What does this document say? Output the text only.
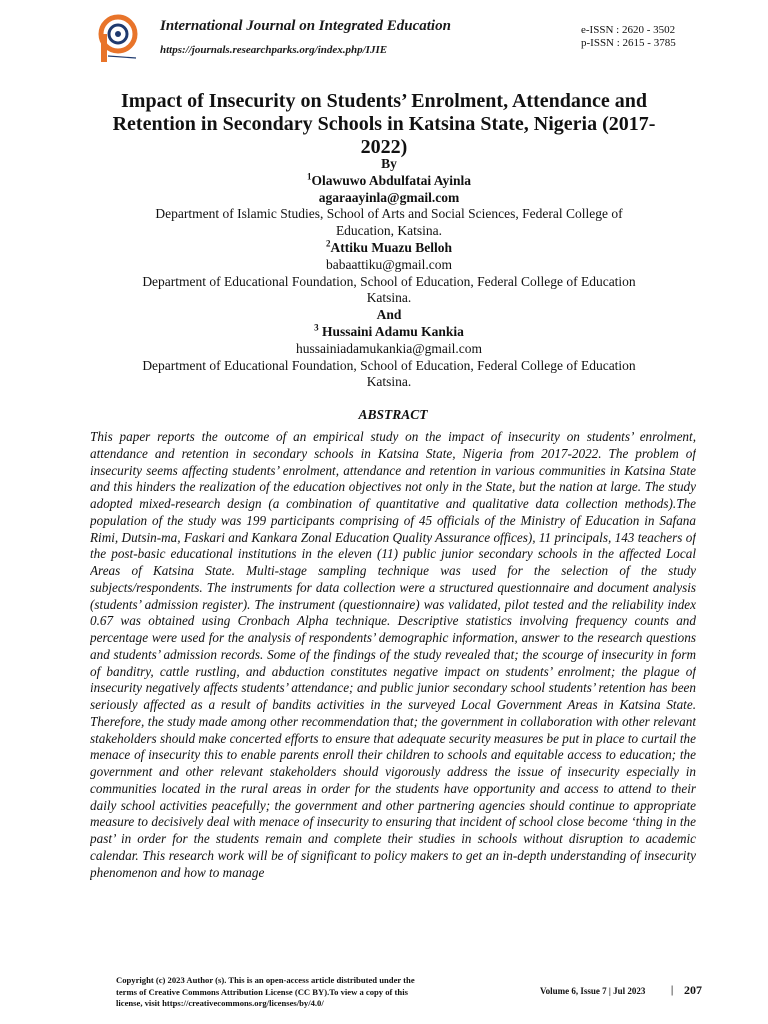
International Journal on Integrated Education
https://journals.researchparks.org/index.php/IJIE
e-ISSN : 2620 - 3502
p-ISSN : 2615 - 3785
Impact of Insecurity on Students’ Enrolment, Attendance and
Retention in Secondary Schools in Katsina State, Nigeria (2017-
2022)
By
$^1$Olawuwo Abdulfatai Ayinla
agaraayinla@gmail.com
Department of Islamic Studies, School of Arts and Social Sciences, Federal College of
Education, Katsina.
$^2$Attiku Muazu Belloh
babaattiku@gmail.com
Department of Educational Foundation, School of Education, Federal College of Education
Katsina.
And
$^3$ Hussaini Adamu Kankia
hussainiadamukankia@gmail.com
Department of Educational Foundation, School of Education, Federal College of Education
Katsina.
ABSTRACT
This paper reports the outcome of an empirical study on the impact of insecurity on students’ enrolment, attendance and retention in secondary schools in Katsina State, Nigeria from 2017-2022. The problem of insecurity seems affecting students’ enrolment, attendance and retention in various communities in Katsina State and this hinders the realization of the education objectives not only in the State, but the nation at large. The study adopted mixed-research design (a combination of quantitative and qualitative data collection methods).The population of the study was 199 participants comprising of 45 officials of the Ministry of Education in Safana Rimi, Dutsin-ma, Faskari and Kankara Zonal Education Quality Assurance offices), 11 principals, 143 teachers of the post-basic educational institutions in the eleven (11) public junior secondary schools in the affected Local Areas of Katsina State. Multi-stage sampling technique was used for the selection of the study subjects/respondents. The instruments for data collection were a structured questionnaire and document analysis (students’ admission register). The instrument (questionnaire) was validated, pilot tested and the reliability index 0.67 was obtained using Cronbach Alpha technique. Descriptive statistics involving frequency counts and percentage were used for the analysis of respondents’ demographic information, answer to the research questions and students’ admission records. Some of the findings of the study revealed that; the scourge of insecurity in form of banditry, cattle rustling, and abduction constitutes negative impact on students’ enrolment; the plague of insecurity negatively affects students’ attendance; and public junior secondary school students’ retention has been seriously affected as a result of bandits activities in the surveyed Local Government Areas in Katsina State. Therefore, the study made among other recommendation that; the government in collaboration with other relevant stakeholders should make concerted efforts to ensure that adequate security measures be put in place to curtail the menace of insecurity this to enable parents enroll their children to schools and equitable access to education; the government and other relevant stakeholders should vigorously address the issue of insecurity especially in communities located in the rural areas in order for the students have opportunity and access to attend to their daily school activities peacefully; the government and other partnering agencies should continue to appropriate measure to decisively deal with menace of insecurity to ensuring that incident of school close become ‘thing in the past’ in order for the students remain and complete their studies in schools without disruption to academic calendar. This research work will be of significant to policy makers to get an in-depth understanding of insecurity phenomenon and how to manage
Copyright (c) 2023 Author (s). This is an open-access article distributed under the
terms of Creative Commons Attribution License (CC BY).To view a copy of this
license, visit https://creativecommons.org/licenses/by/4.0/
Volume 6, Issue 7 | Jul 2023	| 207
